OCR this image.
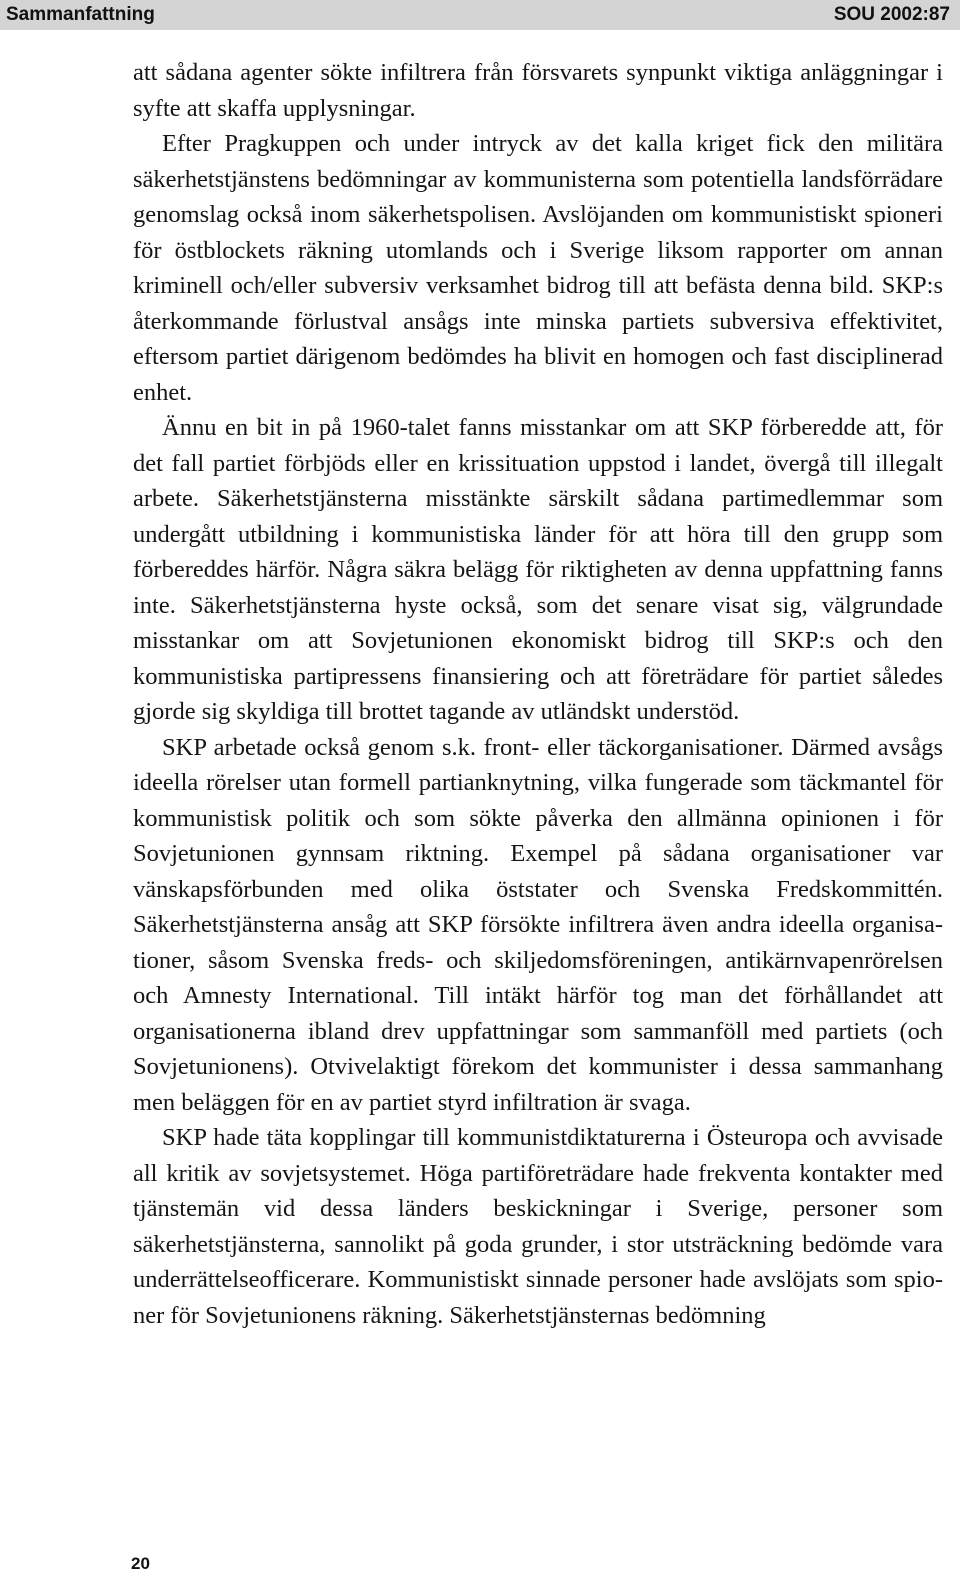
Sammanfattning	SOU 2002:87

att sådana agenter sökte infiltrera från försvarets synpunkt viktiga anläggningar i syfte att skaffa upplysningar.

Efter Pragkuppen och under intryck av det kalla kriget fick den militära säkerhetstjänstens bedömningar av kommunisterna som potentiella landsförrädare genomslag också inom säkerhetspolisen. Avslöjanden om kommunistiskt spioneri för östblockets räkning utomlands och i Sverige liksom rapporter om annan kriminell och/eller subversiv verksamhet bidrog till att befästa denna bild. SKP:s återkommande förlustval ansågs inte minska partiets subversiva effektivitet, eftersom partiet därigenom bedömdes ha blivit en homogen och fast disciplinerad enhet.

Ännu en bit in på 1960-talet fanns misstankar om att SKP förberedde att, för det fall partiet förbjöds eller en krissituation uppstod i landet, övergå till illegalt arbete. Säkerhetstjänsterna misstänkte särskilt sådana partimedlemmar som undergått utbildning i kommunistiska länder för att höra till den grupp som förbereddes härför. Några säkra belägg för riktigheten av denna uppfattning fanns inte. Säkerhetstjänsterna hyste också, som det senare visat sig, välgrundade misstankar om att Sovjetunionen ekonomiskt bidrog till SKP:s och den kommunistiska partipressens finansiering och att företrädare för partiet således gjorde sig skyldiga till brottet tagande av utländskt understöd.

SKP arbetade också genom s.k. front- eller täckorganisationer. Därmed avsågs ideella rörelser utan formell partianknytning, vilka fungerade som täckmantel för kommunistisk politik och som sökte påverka den allmänna opinionen i för Sovjetunionen gynnsam riktning. Exempel på sådana organisationer var vänskapsförbunden med olika öststater och Svenska Fredskommittén. Säkerhetstjänsterna ansåg att SKP försökte infiltrera även andra ideella organisationer, såsom Svenska freds- och skiljedomsföreningen, antikärnvapenrörelsen och Amnesty International. Till intäkt härför tog man det förhållandet att organisationerna ibland drev uppfattningar som sammanföll med partiets (och Sovjetunionens). Otvivelaktigt förekom det kommunister i dessa sammanhang men beläggen för en av partiet styrd infiltration är svaga.

SKP hade täta kopplingar till kommunistdiktaturerna i Östeuropa och avvisade all kritik av sovjetsystemet. Höga partiföreträdare hade frekventa kontakter med tjänstemän vid dessa länders beskickningar i Sverige, personer som säkerhetstjänsterna, sannolikt på goda grunder, i stor utsträckning bedömde vara underrättelseofficerare. Kommunistiskt sinnade personer hade avslöjats som spioner för Sovjetunionens räkning. Säkerhetstjänsternas bedömning

20
